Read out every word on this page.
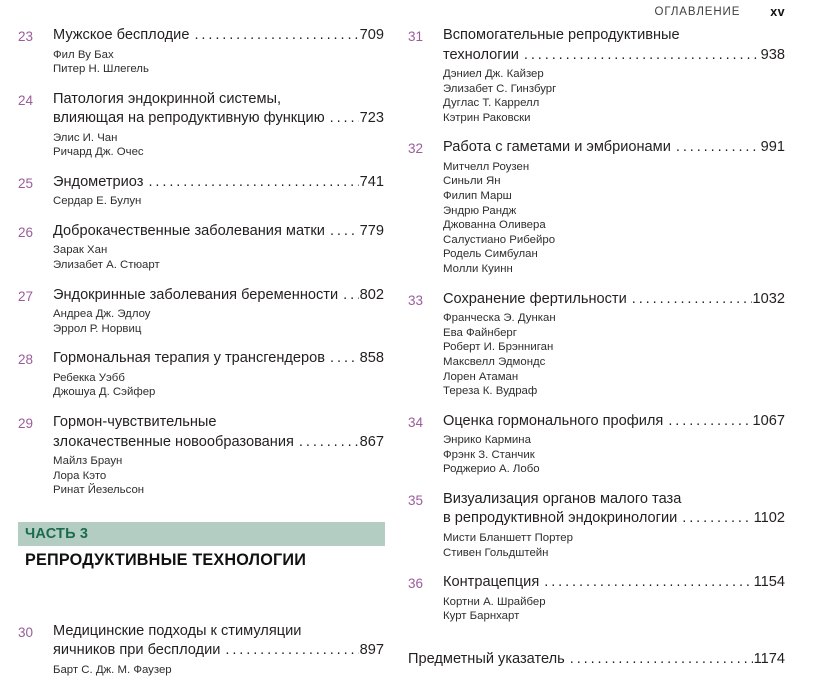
ОГЛАВЛЕНИЕ xv
23	Мужское бесплодие .....	709
Фил Ву Бах
Питер Н. Шлегель
24	Патология эндокринной системы,
влияющая на репродуктивную функцию ..... 723
Элис И. Чан
Ричард Дж. Очес
25	Эндометриоз .....	741
Сердар Е. Булун
26	Доброкачественные заболевания матки ..... 779
Зарак Хан
Элизабет А. Стюарт
27	Эндокринные заболевания беременности ..... 802
Андреа Дж. Эдлоу
Эррол Р. Норвиц
28	Гормональная терапия у трансгендеров ..... 858
Ребекка Уэбб
Джошуа Д. Сэйфер
29	Гормон-чувствительные
злокачественные новообразования .....	867
Майлз Браун
Лора Кэто
Ринат Йезельсон
ЧАСТЬ 3
РЕПРОДУКТИВНЫЕ ТЕХНОЛОГИИ
30	Медицинские подходы к стимуляции
яичников при бесплодии .....	897
Барт С. Дж. М. Фаузер
31	Вспомогательные репродуктивные
технологии .....	938
Дэниел Дж. Кайзер
Элизабет С. Гинзбург
Дуглас Т. Каррелл
Кэтрин Раковски
32	Работа с гаметами и эмбрионами .....	991
Митчелл Роузен
Синьли Ян
Филип Марш
Эндрю Рандж
Джованна Оливера
Салустиано Рибейро
Родель Симбулан
Молли Куинн
33	Сохранение фертильности .....	1032
Франческа Э. Дункан
Ева Файнберг
Роберт И. Брэнниган
Максвелл Эдмондс
Лорен Атаман
Тереза К. Вудраф
34	Оценка гормонального профиля .....	1067
Энрико Кармина
Фрэнк З. Станчик
Роджерио А. Лобо
35	Визуализация органов малого таза
в репродуктивной эндокринологии .....	1102
Мисти Бланшетт Портер
Стивен Гольдштейн
36	Контрацепция .....	1154
Кортни А. Шрайбер
Курт Барнхарт
Предметный указатель .....	1174
